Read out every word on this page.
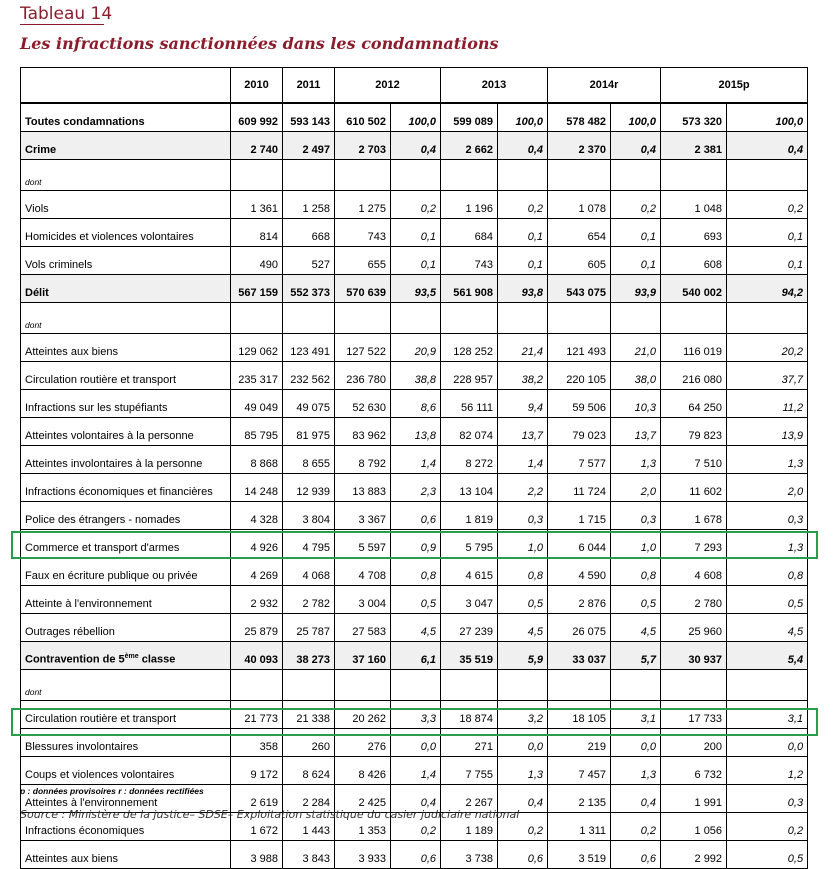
Tableau 14
Les infractions sanctionnées dans les condamnations
	2010	2011	2012		2013		2014r		2015p	
Toutes condamnations	609 992	593 143	610 502	100,0	599 089	100,0	578 482	100,0	573 320	100,0
Crime	2 740	2 497	2 703	0,4	2 662	0,4	2 370	0,4	2 381	0,4
dont										
Viols	1 361	1 258	1 275	0,2	1 196	0,2	1 078	0,2	1 048	0,2
Homicides et violences volontaires	814	668	743	0,1	684	0,1	654	0,1	693	0,1
Vols criminels	490	527	655	0,1	743	0,1	605	0,1	608	0,1
Délit	567 159	552 373	570 639	93,5	561 908	93,8	543 075	93,9	540 002	94,2
dont										
Atteintes aux biens	129 062	123 491	127 522	20,9	128 252	21,4	121 493	21,0	116 019	20,2
Circulation routière et transport	235 317	232 562	236 780	38,8	228 957	38,2	220 105	38,0	216 080	37,7
Infractions sur les stupéfiants	49 049	49 075	52 630	8,6	56 111	9,4	59 506	10,3	64 250	11,2
Atteintes volontaires à la personne	85 795	81 975	83 962	13,8	82 074	13,7	79 023	13,7	79 823	13,9
Atteintes involontaires à la personne	8 868	8 655	8 792	1,4	8 272	1,4	7 577	1,3	7 510	1,3
Infractions économiques et financières	14 248	12 939	13 883	2,3	13 104	2,2	11 724	2,0	11 602	2,0
Police des étrangers - nomades	4 328	3 804	3 367	0,6	1 819	0,3	1 715	0,3	1 678	0,3
Commerce et transport d'armes	4 926	4 795	5 597	0,9	5 795	1,0	6 044	1,0	7 293	1,3
Faux en écriture publique ou privée	4 269	4 068	4 708	0,8	4 615	0,8	4 590	0,8	4 608	0,8
Atteinte à l'environnement	2 932	2 782	3 004	0,5	3 047	0,5	2 876	0,5	2 780	0,5
Outrages rébellion	25 879	25 787	27 583	4,5	27 239	4,5	26 075	4,5	25 960	4,5
Contravention de 5ème classe	40 093	38 273	37 160	6,1	35 519	5,9	33 037	5,7	30 937	5,4
dont										
Circulation routière et transport	21 773	21 338	20 262	3,3	18 874	3,2	18 105	3,1	17 733	3,1
Blessures involontaires	358	260	276	0,0	271	0,0	219	0,0	200	0,0
Coups et violences volontaires	9 172	8 624	8 426	1,4	7 755	1,3	7 457	1,3	6 732	1,2
Atteintes à l'environnement	2 619	2 284	2 425	0,4	2 267	0,4	2 135	0,4	1 991	0,3
Infractions économiques	1 672	1 443	1 353	0,2	1 189	0,2	1 311	0,2	1 056	0,2
Atteintes aux biens	3 988	3 843	3 933	0,6	3 738	0,6	3 519	0,6	2 992	0,5
p : données provisoires r : données rectifiées
Source : Ministère de la justice– SDSE– Exploitation statistique du casier judiciaire national
